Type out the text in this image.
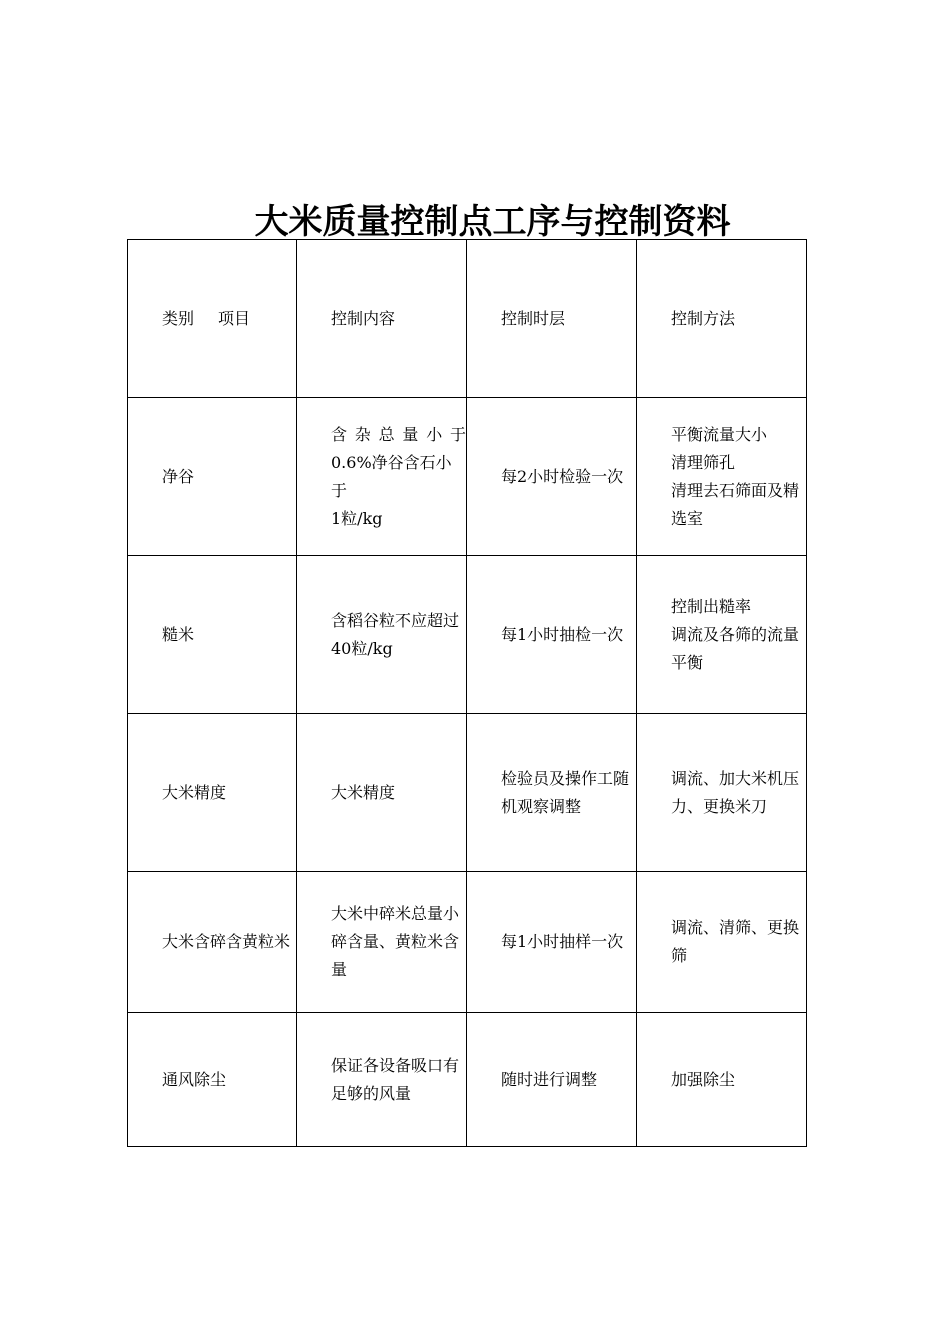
大米质量控制点工序与控制资料
类别 项目	控制内容	控制时层	控制方法
净谷	含 杂 总 量 小 于
0.6%净谷含石小于
1粒/kg	每2小时检验一次	平衡流量大小
清理筛孔
清理去石筛面及精
选室

糙米	含稻谷粒不应超过
40粒/kg	每1小时抽检一次	控制出糙率
调流及各筛的流量
平衡

大米精度	大米精度	检验员及操作工随
机观察调整	调流、加大米机压
力、更换米刀

大米含碎含黄粒米	大米中碎米总量小
碎含量、黄粒米含
量	每1小时抽样一次	调流、清筛、更换
筛

通风除尘	保证各设备吸口有
足够的风量	随时进行调整	加强除尘
